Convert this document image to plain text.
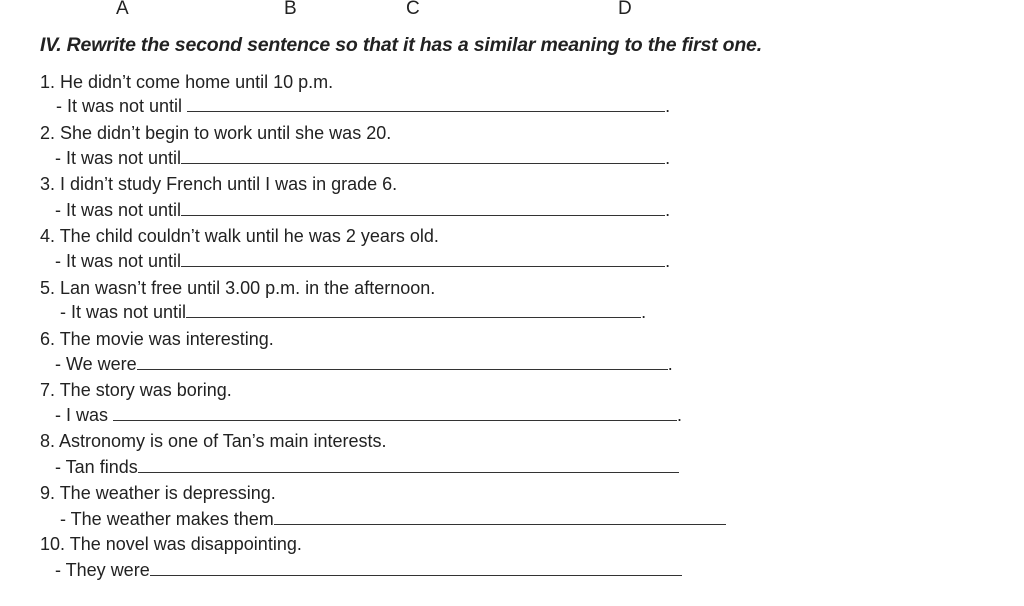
A	B	C	D
IV. Rewrite the second sentence so that it has a similar meaning to the first one.
1. He didn’t come home until 10 p.m.
- It was not until	.
2. She didn’t begin to work until she was 20.
- It was not until	.
3. I didn’t study French until I was in grade 6.
- It was not until	.
4. The child couldn’t walk until he was 2 years old.
- It was not until	.
5. Lan wasn’t free until 3.00 p.m. in the afternoon.
- It was not until	.
6. The movie was interesting.
- We were	.
7. The story was boring.
- I was	.
8. Astronomy is one of Tan’s main interests.
- Tan finds
9. The weather is depressing.
- The weather makes them
10. The novel was disappointing.
- They were
